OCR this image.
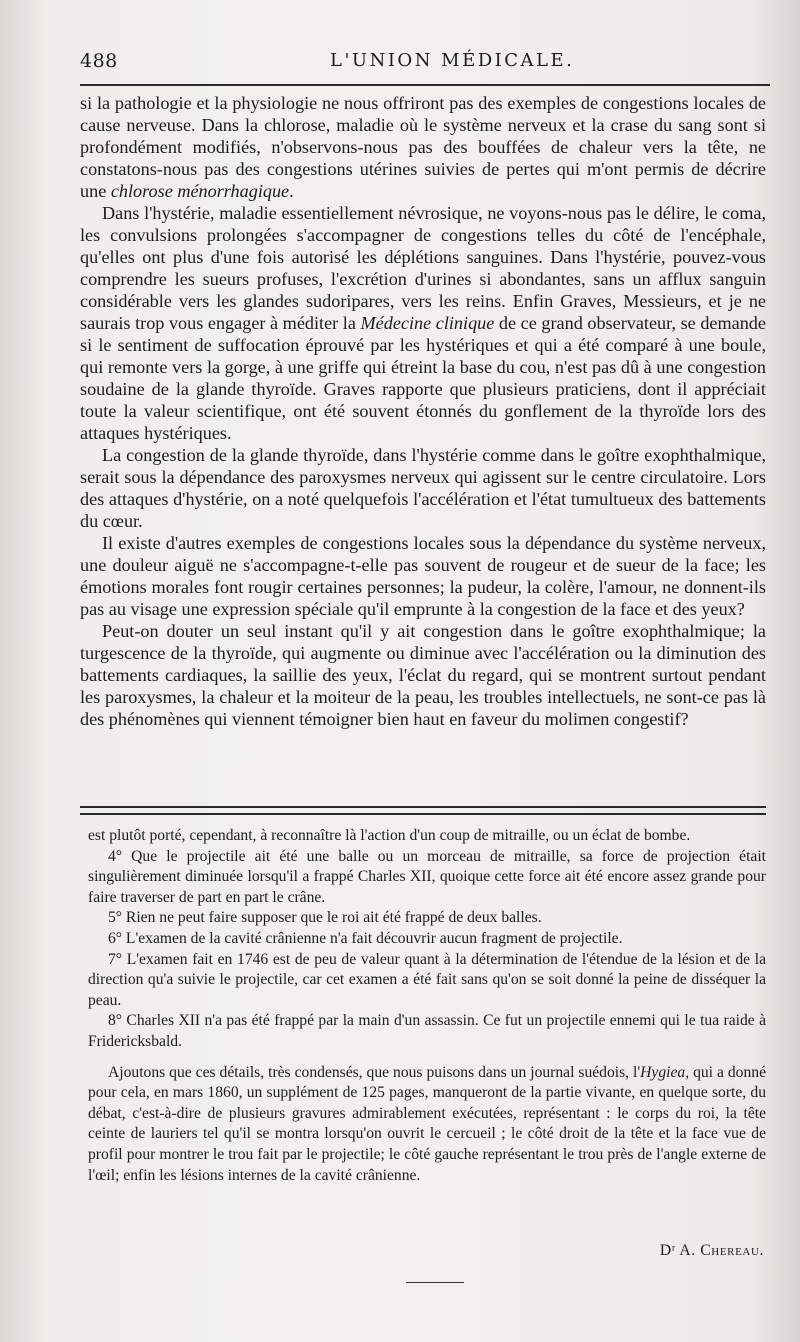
488	L'UNION MÉDICALE.

si la pathologie et la physiologie ne nous offriront pas des exemples de congestions locales de cause nerveuse. Dans la chlorose, maladie où le système nerveux et la crase du sang sont si profondément modifiés, n'observons-nous pas des bouffées de chaleur vers la tête, ne constatons-nous pas des congestions utérines suivies de pertes qui m'ont permis de décrire une chlorose ménorrhagique.

Dans l'hystérie, maladie essentiellement névrosique, ne voyons-nous pas le délire, le coma, les convulsions prolongées s'accompagner de congestions telles du côté de l'encéphale, qu'elles ont plus d'une fois autorisé les déplétions sanguines. Dans l'hystérie, pouvez-vous comprendre les sueurs profuses, l'excrétion d'urines si abondantes, sans un afflux sanguin considérable vers les glandes sudoripares, vers les reins. Enfin Graves, Messieurs, et je ne saurais trop vous engager à méditer la Médecine clinique de ce grand observateur, se demande si le sentiment de suffocation éprouvé par les hystériques et qui a été comparé à une boule, qui remonte vers la gorge, à une griffe qui étreint la base du cou, n'est pas dû à une congestion soudaine de la glande thyroïde. Graves rapporte que plusieurs praticiens, dont il appréciait toute la valeur scientifique, ont été souvent étonnés du gonflement de la thyroïde lors des attaques hystériques.

La congestion de la glande thyroïde, dans l'hystérie comme dans le goître exophthalmique, serait sous la dépendance des paroxysmes nerveux qui agissent sur le centre circulatoire. Lors des attaques d'hystérie, on a noté quelquefois l'accélération et l'état tumultueux des battements du cœur.

Il existe d'autres exemples de congestions locales sous la dépendance du système nerveux, une douleur aiguë ne s'accompagne-t-elle pas souvent de rougeur et de sueur de la face; les émotions morales font rougir certaines personnes; la pudeur, la colère, l'amour, ne donnent-ils pas au visage une expression spéciale qu'il emprunte à la congestion de la face et des yeux?

Peut-on douter un seul instant qu'il y ait congestion dans le goître exophthalmique; la turgescence de la thyroïde, qui augmente ou diminue avec l'accélération ou la diminution des battements cardiaques, la saillie des yeux, l'éclat du regard, qui se montrent surtout pendant les paroxysmes, la chaleur et la moiteur de la peau, les troubles intellectuels, ne sont-ce pas là des phénomènes qui viennent témoigner bien haut en faveur du molimen congestif?

est plutôt porté, cependant, à reconnaître là l'action d'un coup de mitraille, ou un éclat de bombe.

4° Que le projectile ait été une balle ou un morceau de mitraille, sa force de projection était singulièrement diminuée lorsqu'il a frappé Charles XII, quoique cette force ait été encore assez grande pour faire traverser de part en part le crâne.

5° Rien ne peut faire supposer que le roi ait été frappé de deux balles.

6° L'examen de la cavité crânienne n'a fait découvrir aucun fragment de projectile.

7° L'examen fait en 1746 est de peu de valeur quant à la détermination de l'étendue de la lésion et de la direction qu'a suivie le projectile, car cet examen a été fait sans qu'on se soit donné la peine de disséquer la peau.

8° Charles XII n'a pas été frappé par la main d'un assassin. Ce fut un projectile ennemi qui le tua raide à Fridericksbald.

Ajoutons que ces détails, très condensés, que nous puisons dans un journal suédois, l'Hygiea, qui a donné pour cela, en mars 1860, un supplément de 125 pages, manqueront de la partie vivante, en quelque sorte, du débat, c'est-à-dire de plusieurs gravures admirablement exécutées, représentant : le corps du roi, la tête ceinte de lauriers tel qu'il se montra lorsqu'on ouvrit le cercueil ; le côté droit de la tête et la face vue de profil pour montrer le trou fait par le projectile; le côté gauche représentant le trou près de l'angle externe de l'œil; enfin les lésions internes de la cavité crânienne.

Dʳ A. Chereau.
